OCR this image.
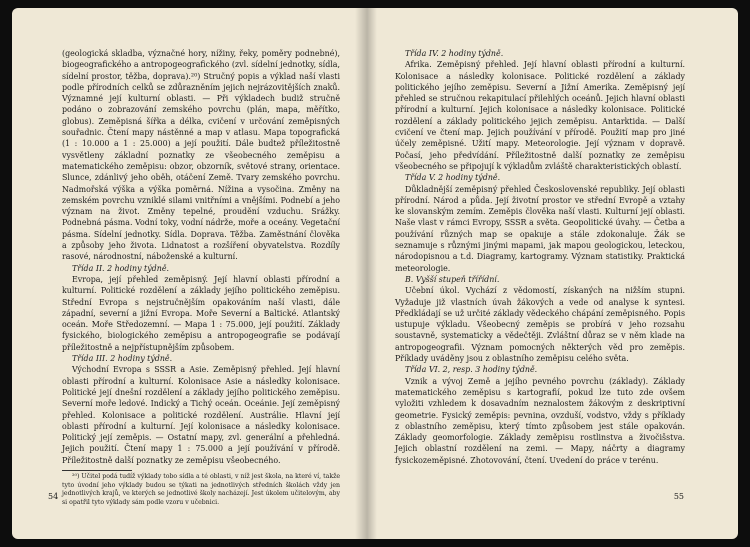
(geologická skladba, význačné hory, nížiny, řeky, poměry podnebné), biogeografického a antropogeografického (zvl. sídelní jednotky, sídla, sídelní prostor, těžba, doprava).²⁰) Stručný popis a výklad naší vlasti podle přírodních celků se zdůrazněním jejich nejrázovitějších znaků. Významné její kulturní oblasti. — Při výkladech budiž stručně podáno o zobrazování zemského povrchu (plán, mapa, měřítko, globus). Zeměpisná šířka a délka, cvičení v určování zeměpisných souřadnic. Čtení mapy nástěnné a map v atlasu. Mapa topografická (1 : 10.000 a 1 : 25.000) a její použití. Dále budtež příležitostně vysvětleny základní poznatky ze všeobecného zeměpisu a matematického zeměpisu: obzor, obzorník, světové strany, orientace. Slunce, zdánlivý jeho oběh, otáčení Země. Tvary zemského povrchu. Nadmořská výška a výška poměrná. Nížina a vysočina. Změny na zemském povrchu vzniklé silami vnitřními a vnějšími. Podnebí a jeho význam na život. Změny tepelné, proudění vzduchu. Srážky. Podnebná pásma. Vodní toky, vodní nádrže, moře a oceány. Vegetační pásma. Sídelní jednotky. Sídla. Doprava. Těžba. Zaměstnání člověka a způsoby jeho života. Lidnatost a rozšíření obyvatelstva. Rozdíly rasové, národnostní, náboženské a kulturní.

Třída II. 2 hodiny týdně.

Evropa, její přehled zeměpisný. Její hlavní oblasti přírodní a kulturní. Politické rozdělení a základy jejího politického zeměpisu. Střední Evropa s nejstručnějším opakováním naší vlasti, dále západní, severní a jižní Evropa. Moře Severní a Baltické. Atlantský oceán. Moře Středozemní. — Mapa 1 : 75.000, její použití. Základy fysického, biologického zeměpisu a antropogeografie se podávají příležitostně a nejpřístupnějším způsobem.

Třída III. 2 hodiny týdně.

Východní Evropa s SSSR a Asie. Zeměpisný přehled. Její hlavní oblasti přírodní a kulturní. Kolonisace Asie a následky kolonisace. Politické její dnešní rozdělení a základy jejího politického zeměpisu. Severní moře ledové. Indický a Tichý oceán. Oceánie. Její zeměpisný přehled. Kolonisace a politické rozdělení. Austrálie. Hlavní její oblasti přírodní a kulturní. Její kolonisace a následky kolonisace. Politický její zeměpis. — Ostatní mapy, zvl. generální a přehledná. Jejich použití. Čtení mapy 1 : 75.000 a její používání v přírodě. Příležitostně další poznatky ze zeměpisu všeobecného.

²⁰) Učitel podá tudíž výklady tobo sídla a té oblasti, v níž jest škola, na které ví, takže tyto úvodní jeho výklady budou se týkati na jednotlivých středních školách vždy jen jednotlivých krajů, ve kterých se jednotlivé školy nacházejí. Jest úkolem učitelovým, aby si opatřil tyto výklady sám podle vzoru v učebnici.

54

Třída IV. 2 hodiny týdně.

Afrika. Zeměpisný přehled. Její hlavní oblasti přírodní a kulturní. Kolonisace a následky kolonisace. Politické rozdělení a základy politického jejího zeměpisu. Severní a Jižní Amerika. Zeměpisný její přehled se stručnou rekapitulací přilehlých oceánů. Jejich hlavní oblasti přírodní a kulturní. Jejich kolonisace a následky kolonisace. Politické rozdělení a základy politického jejich zeměpisu. Antarktida. — Další cvičení ve čtení map. Jejich používání v přírodě. Použití map pro jiné účely zeměpisné. Užití mapy. Meteorologie. Její význam v dopravě. Počasí, jeho předvídání. Příležitostně další poznatky ze zeměpisu všeobecného se připojují k výkladům zvláště charakteristických oblastí.

Třída V. 2 hodiny týdně.

Důkladnější zeměpisný přehled Československé republiky. Její oblasti přírodní. Národ a půda. Její životní prostor ve střední Evropě a vztahy ke slovanským zemím. Zeměpis člověka naší vlasti. Kulturní její oblasti. Naše vlast v rámci Evropy, SSSR a světa. Geopolitické úvahy. — Četba a používání různých map se opakuje a stále zdokonaluje. Žák se seznamuje s různými jinými mapami, jak mapou geologickou, leteckou, národopisnou a t.d. Diagramy, kartogramy. Význam statistiky. Praktická meteorologie.

B. Vyšší stupeň třířídní.

Učební úkol. Vychází z vědomostí, získaných na nižším stupni. Vyžaduje již vlastních úvah žákových a vede od analyse k syntesi. Předkládají se už určité základy vědeckého chápání zeměpisného. Popis ustupuje výkladu. Všeobecný zeměpis se probírá v jeho rozsahu soustavně, systematicky a vědečtěji. Zvláštní důraz se v něm klade na antropogeografii. Význam pomocných některých věd pro zeměpis. Příklady uváděny jsou z oblastního zeměpisu celého světa.

Třída VI. 2, resp. 3 hodiny týdně.

Vznik a vývoj Země a jejího pevného povrchu (základy). Základy matematického zeměpisu s kartografií, pokud lze tuto zde ovšem vyložiti vzhledem k dosavadním neznalostem žákovým z deskriptivní geometrie. Fysický zeměpis: pevnina, ovzduší, vodstvo, vždy s příklady z oblastního zeměpisu, který tímto způsobem jest stále opakován. Základy geomorfologie. Základy zeměpisu rostlinstva a živočišstva. Jejich oblastní rozdělení na zemi. — Mapy, náčrty a diagramy fysickozeměpisné. Zhotovování, čtení. Uvedení do práce v terénu.

55
